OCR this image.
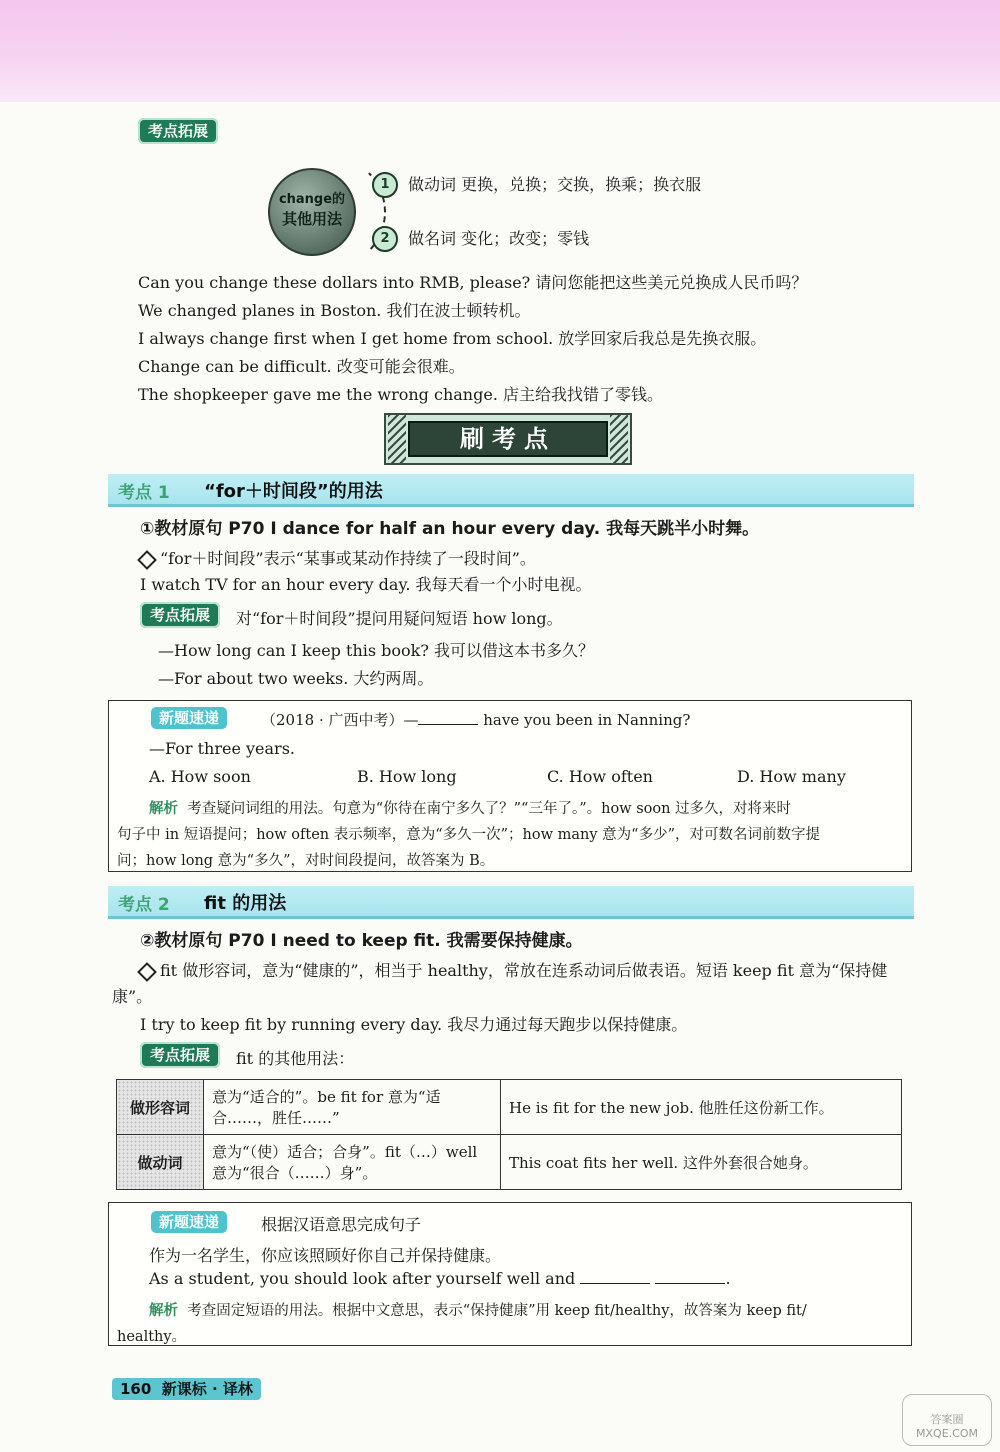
考点拓展
change的
其他用法
1	做动词 更换，兑换；交换，换乘；换衣服
2	做名词 变化；改变；零钱
Can you change these dollars into RMB, please? 请问您能把这些美元兑换成人民币吗？
We changed planes in Boston. 我们在波士顿转机。
I always change first when I get home from school. 放学回家后我总是先换衣服。
Change can be difficult. 改变可能会很难。
The shopkeeper gave me the wrong change. 店主给我找错了零钱。
刷考点
考点 1 “for＋时间段”的用法
①教材原句 P70 I dance for half an hour every day. 我每天跳半小时舞。
“for＋时间段”表示“某事或某动作持续了一段时间”。
I watch TV for an hour every day. 我每天看一个小时电视。
考点拓展	对“for＋时间段”提问用疑问短语 how long。
—How long can I keep this book? 我可以借这本书多久？
—For about two weeks. 大约两周。
新题速递	（2018 · 广西中考）—	have you been in Nanning?
—For three years.
A. How soon	B. How long	C. How often	D. How many
解析 考查疑问词组的用法。句意为“你待在南宁多久了？”“三年了。”。how soon 过多久，对将来时
句子中 in 短语提问；how often 表示频率，意为“多久一次”；how many 意为“多少”，对可数名词前数字提
问；how long 意为“多久”，对时间段提问，故答案为 B。
考点 2 fit 的用法
②教材原句 P70 I need to keep fit. 我需要保持健康。
fit 做形容词，意为“健康的”，相当于 healthy，常放在连系动词后做表语。短语 keep fit 意为“保持健
康”。
I try to keep fit by running every day. 我尽力通过每天跑步以保持健康。
考点拓展	fit 的其他用法：
做形容词	意为“适合的”。be fit for 意为“适合……，胜任……”	He is fit for the new job. 他胜任这份新工作。
做动词	意为“（使）适合；合身”。fit（…）well 意为“很合（……）身”。	This coat fits her well. 这件外套很合她身。
新题速递	根据汉语意思完成句子
作为一名学生，你应该照顾好你自己并保持健康。
As a student, you should look after yourself well and	.
解析 考查固定短语的用法。根据中文意思，表示“保持健康”用 keep fit/healthy，故答案为 keep fit/
healthy。
160 新课标 · 译林
答案圈 MXQE.COM
